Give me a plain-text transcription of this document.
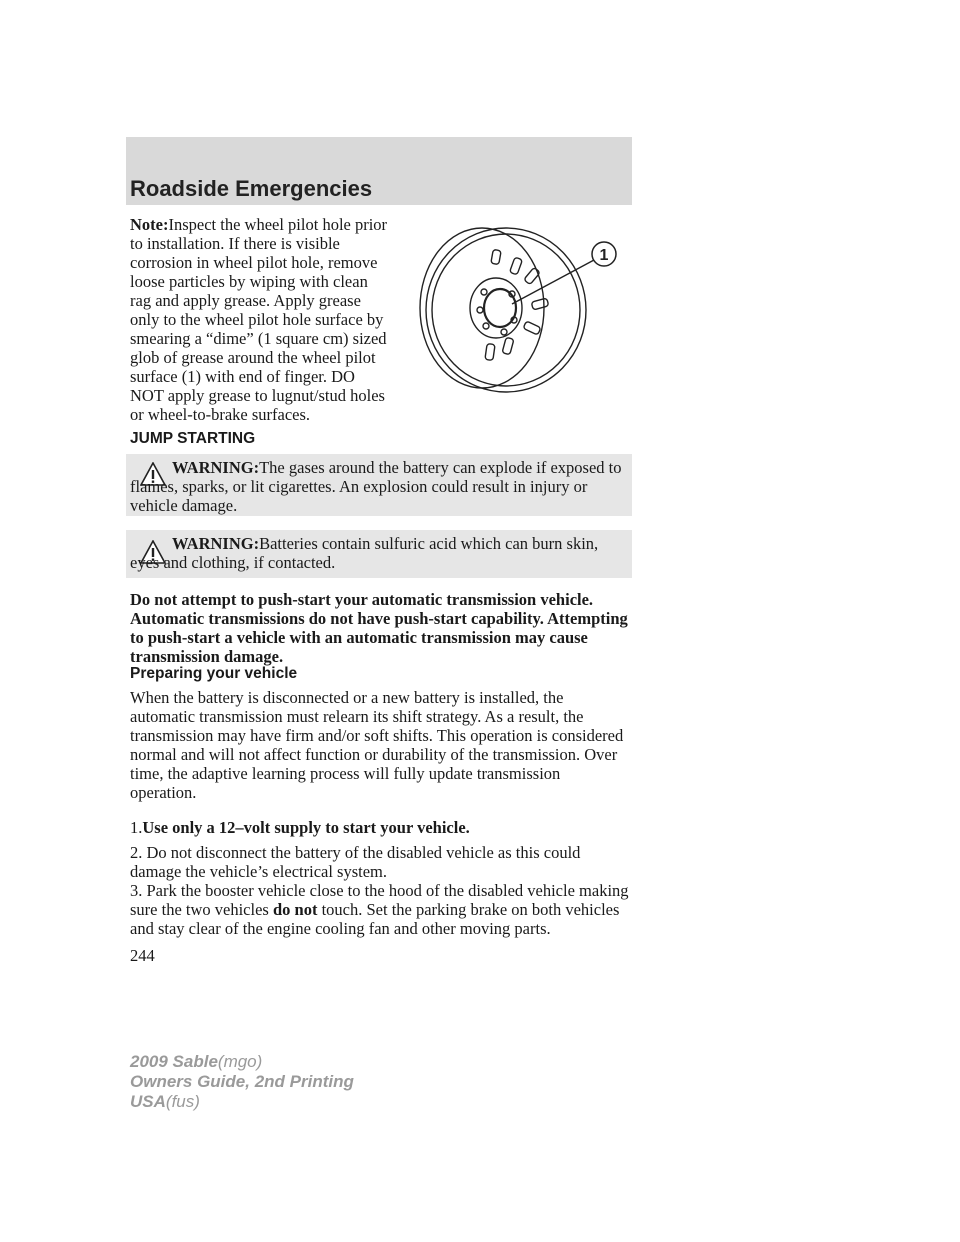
Roadside Emergencies
Note:Inspect the wheel pilot hole prior to installation. If there is visible corrosion in wheel pilot hole, remove loose particles by wiping with clean rag and apply grease. Apply grease only to the wheel pilot hole surface by smearing a “dime” (1 square cm) sized glob of grease around the wheel pilot surface (1) with end of finger. DO NOT apply grease to lugnut/stud holes or wheel-to-brake surfaces.
1
JUMP STARTING
WARNING:The gases around the battery can explode if exposed to flames, sparks, or lit cigarettes. An explosion could result in injury or vehicle damage.
WARNING:Batteries contain sulfuric acid which can burn skin, eyes and clothing, if contacted.
Do not attempt to push-start your automatic transmission vehicle. Automatic transmissions do not have push-start capability. Attempting to push-start a vehicle with an automatic transmission may cause transmission damage.
Preparing your vehicle
When the battery is disconnected or a new battery is installed, the automatic transmission must relearn its shift strategy. As a result, the transmission may have firm and/or soft shifts. This operation is considered normal and will not affect function or durability of the transmission. Over time, the adaptive learning process will fully update transmission operation.
1.Use only a 12–volt supply to start your vehicle.
2. Do not disconnect the battery of the disabled vehicle as this could damage the vehicle’s electrical system.
3. Park the booster vehicle close to the hood of the disabled vehicle making sure the two vehicles do not touch. Set the parking brake on both vehicles and stay clear of the engine cooling fan and other moving parts.
244
2009 Sable(mgo)
Owners Guide, 2nd Printing
USA(fus)
